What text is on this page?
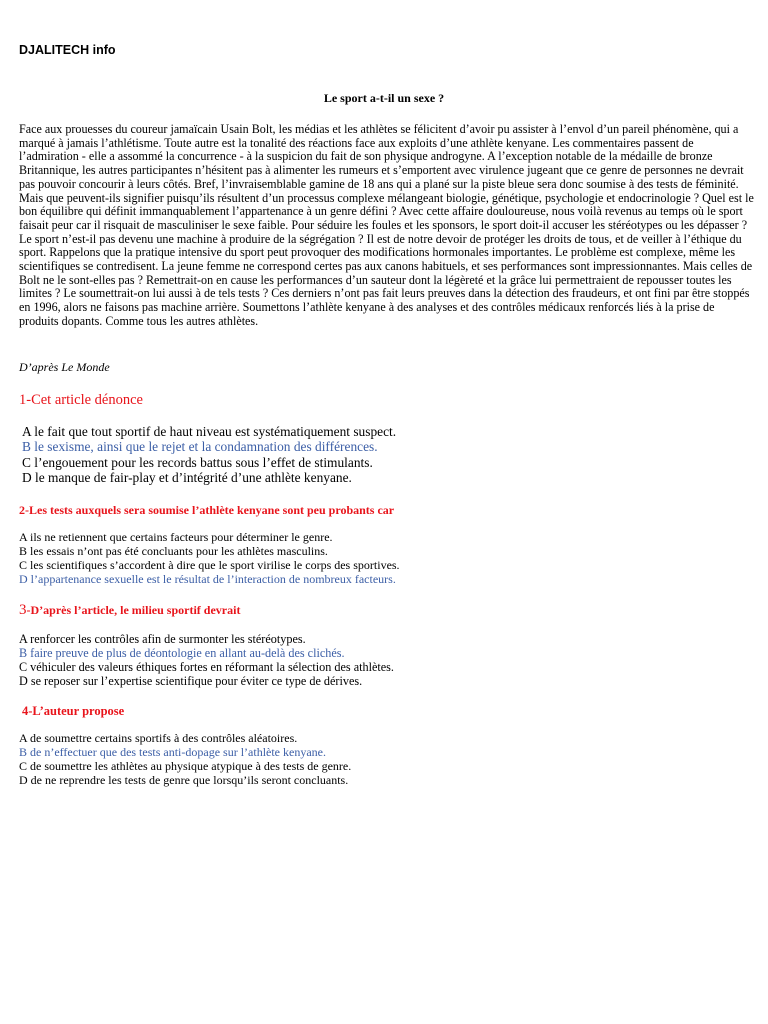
DJALITECH info
Le sport a-t-il un sexe ?
Face aux prouesses du coureur jamaïcain Usain Bolt, les médias et les athlètes se félicitent d’avoir pu assister à l’envol d’un pareil phénomène, qui a marqué à jamais l’athlétisme. Toute autre est la tonalité des réactions face aux exploits d’une athlète kenyane. Les commentaires passent de l’admiration - elle a assommé la concurrence - à la suspicion du fait de son physique androgyne. A l’exception notable de la médaille de bronze Britannique, les autres participantes n’hésitent pas à alimenter les rumeurs et s’emportent avec virulence jugeant que ce genre de personnes ne devrait pas pouvoir concourir à leurs côtés. Bref, l’invraisemblable gamine de 18 ans qui a plané sur la piste bleue sera donc soumise à des tests de féminité. Mais que peuvent-ils signifier puisqu’ils résultent d’un processus complexe mélangeant biologie, génétique, psychologie et endocrinologie ? Quel est le bon équilibre qui définit immanquablement l’appartenance à un genre défini ? Avec cette affaire douloureuse, nous voilà revenus au temps où le sport faisait peur car il risquait de masculiniser le sexe faible. Pour séduire les foules et les sponsors, le sport doit-il accuser les stéréotypes ou les dépasser ? Le sport n’est-il pas devenu une machine à produire de la ségrégation ? Il est de notre devoir de protéger les droits de tous, et de veiller à l’éthique du sport. Rappelons que la pratique intensive du sport peut provoquer des modifications hormonales importantes. Le problème est complexe, même les scientifiques se contredisent. La jeune femme ne correspond certes pas aux canons habituels, et ses performances sont impressionnantes. Mais celles de Bolt ne le sont-elles pas ? Remettrait-on en cause les performances d’un sauteur dont la légèreté et la grâce lui permettraient de repousser toutes les limites ? Le soumettrait-on lui aussi à de tels tests ? Ces derniers n’ont pas fait leurs preuves dans la détection des fraudeurs, et ont fini par être stoppés en 1996, alors ne faisons pas machine arrière. Soumettons l’athlète kenyane à des analyses et des contrôles médicaux renforcés liés à la prise de produits dopants. Comme tous les autres athlètes.
D’après Le Monde
1-Cet article dénonce
A le fait que tout sportif de haut niveau est systématiquement suspect.
B le sexisme, ainsi que le rejet et la condamnation des différences.
C l’engouement pour les records battus sous l’effet de stimulants.
D le manque de fair-play et d’intégrité d’une athlète kenyane.
2-Les tests auxquels sera soumise l’athlète kenyane sont peu probants car
A ils ne retiennent que certains facteurs pour déterminer le genre.
B les essais n’ont pas été concluants pour les athlètes masculins.
C les scientifiques s’accordent à dire que le sport virilise le corps des sportives.
D l’appartenance sexuelle est le résultat de l’interaction de nombreux facteurs.
3-D’après l’article, le milieu sportif devrait
A renforcer les contrôles afin de surmonter les stéréotypes.
B faire preuve de plus de déontologie en allant au-delà des clichés.
C véhiculer des valeurs éthiques fortes en réformant la sélection des athlètes.
D se reposer sur l’expertise scientifique pour éviter ce type de dérives.
4-L’auteur propose
A de soumettre certains sportifs à des contrôles aléatoires.
B de n’effectuer que des tests anti-dopage sur l’athlète kenyane.
C de soumettre les athlètes au physique atypique à des tests de genre.
D de ne reprendre les tests de genre que lorsqu’ils seront concluants.
